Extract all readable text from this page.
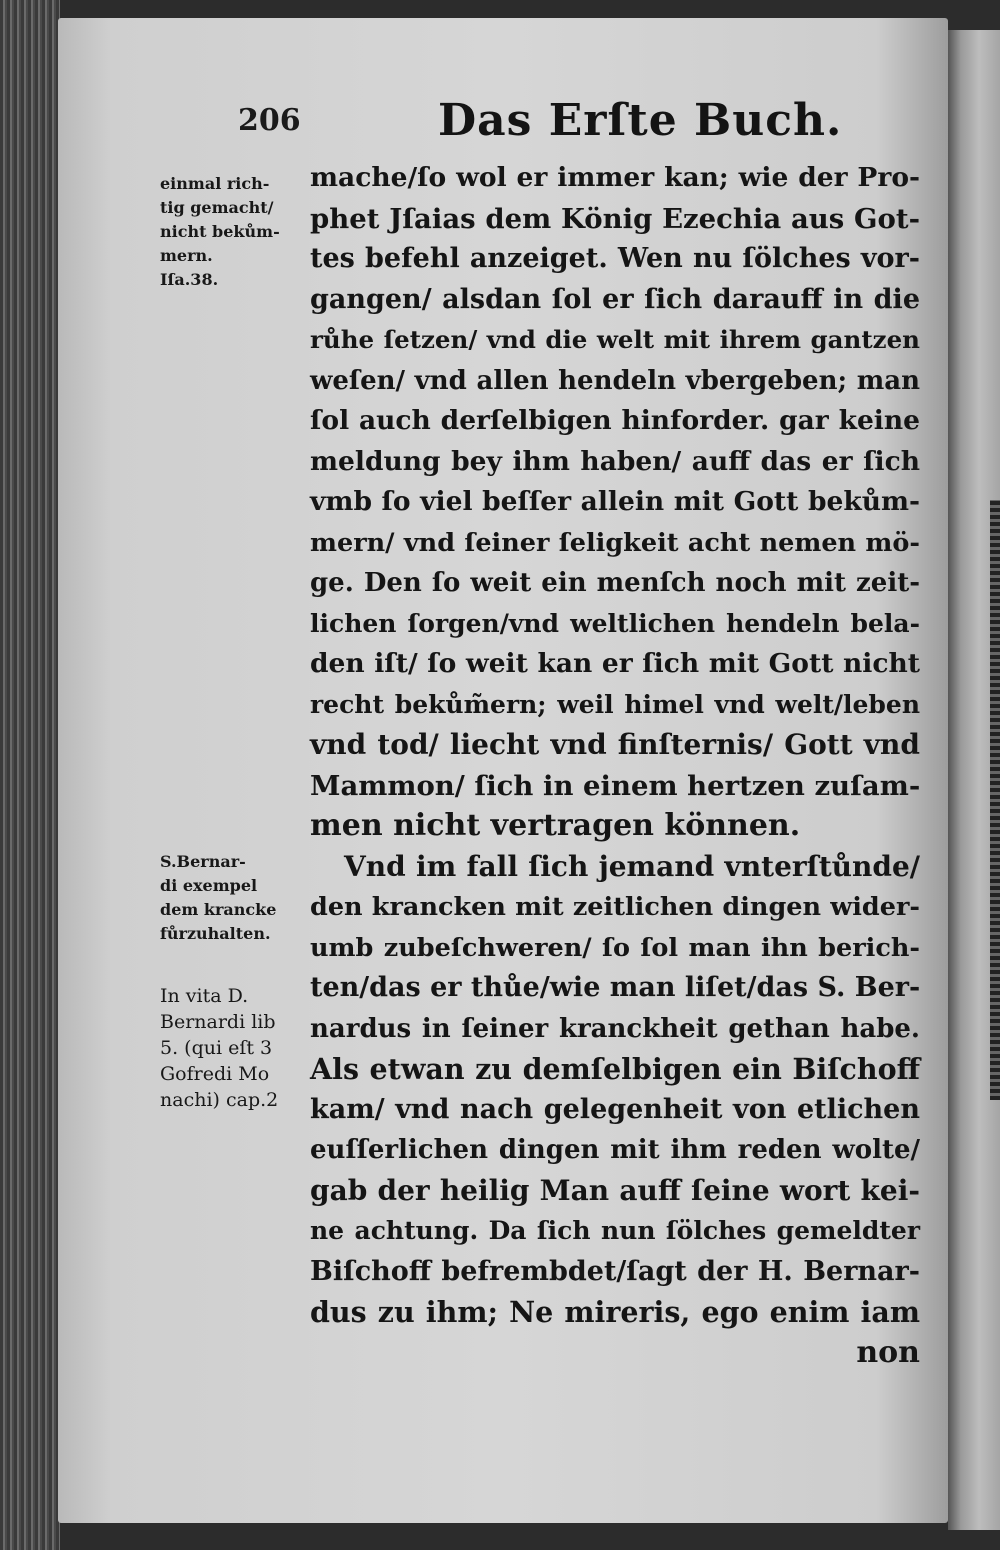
206	Das Erſte Buch.
einmal rich-
tig gemacht/
nicht bekům-
mern.
Iſa.38.
S.Bernar-
di exempel
dem krancke
fůrzuhalten.
In vita D.
Bernardi lib
5. (qui eſt 3
Gofredi Mo
nachi) cap.2
mache/ſo wol er immer kan; wie der Pro-
phet Jſaias dem König Ezechia aus Got-
tes befehl anzeiget. Wen nu ſölches vor-
gangen/ alsdan ſol er ſich darauff in die
růhe ſetzen/ vnd die welt mit ihrem gantzen
weſen/ vnd allen hendeln vbergeben; man
ſol auch derſelbigen hinforder. gar keine
meldung bey ihm haben/ auff das er ſich
vmb ſo viel beſſer allein mit Gott bekům-
mern/ vnd ſeiner ſeligkeit acht nemen mö-
ge. Den ſo weit ein menſch noch mit zeit-
lichen ſorgen/vnd weltlichen hendeln bela-
den iſt/ ſo weit kan er ſich mit Gott nicht
recht bekům̃ern; weil himel vnd welt/leben
vnd tod/ liecht vnd finſternis/ Gott vnd
Mammon/ ſich in einem hertzen zuſam-
men nicht vertragen können.
Vnd im fall ſich jemand vnterſtůnde/
den krancken mit zeitlichen dingen wider-
umb zubeſchweren/ ſo ſol man ihn berich-
ten/das er thůe/wie man liſet/das S. Ber-
nardus in ſeiner kranckheit gethan habe.
Als etwan zu demſelbigen ein Biſchoff
kam/ vnd nach gelegenheit von etlichen
euſſerlichen dingen mit ihm reden wolte/
gab der heilig Man auff ſeine wort kei-
ne achtung. Da ſich nun ſölches gemeldter
Biſchoff befrembdet/ſagt der H. Bernar-
dus zu ihm; Ne mireris, ego enim iam
non
